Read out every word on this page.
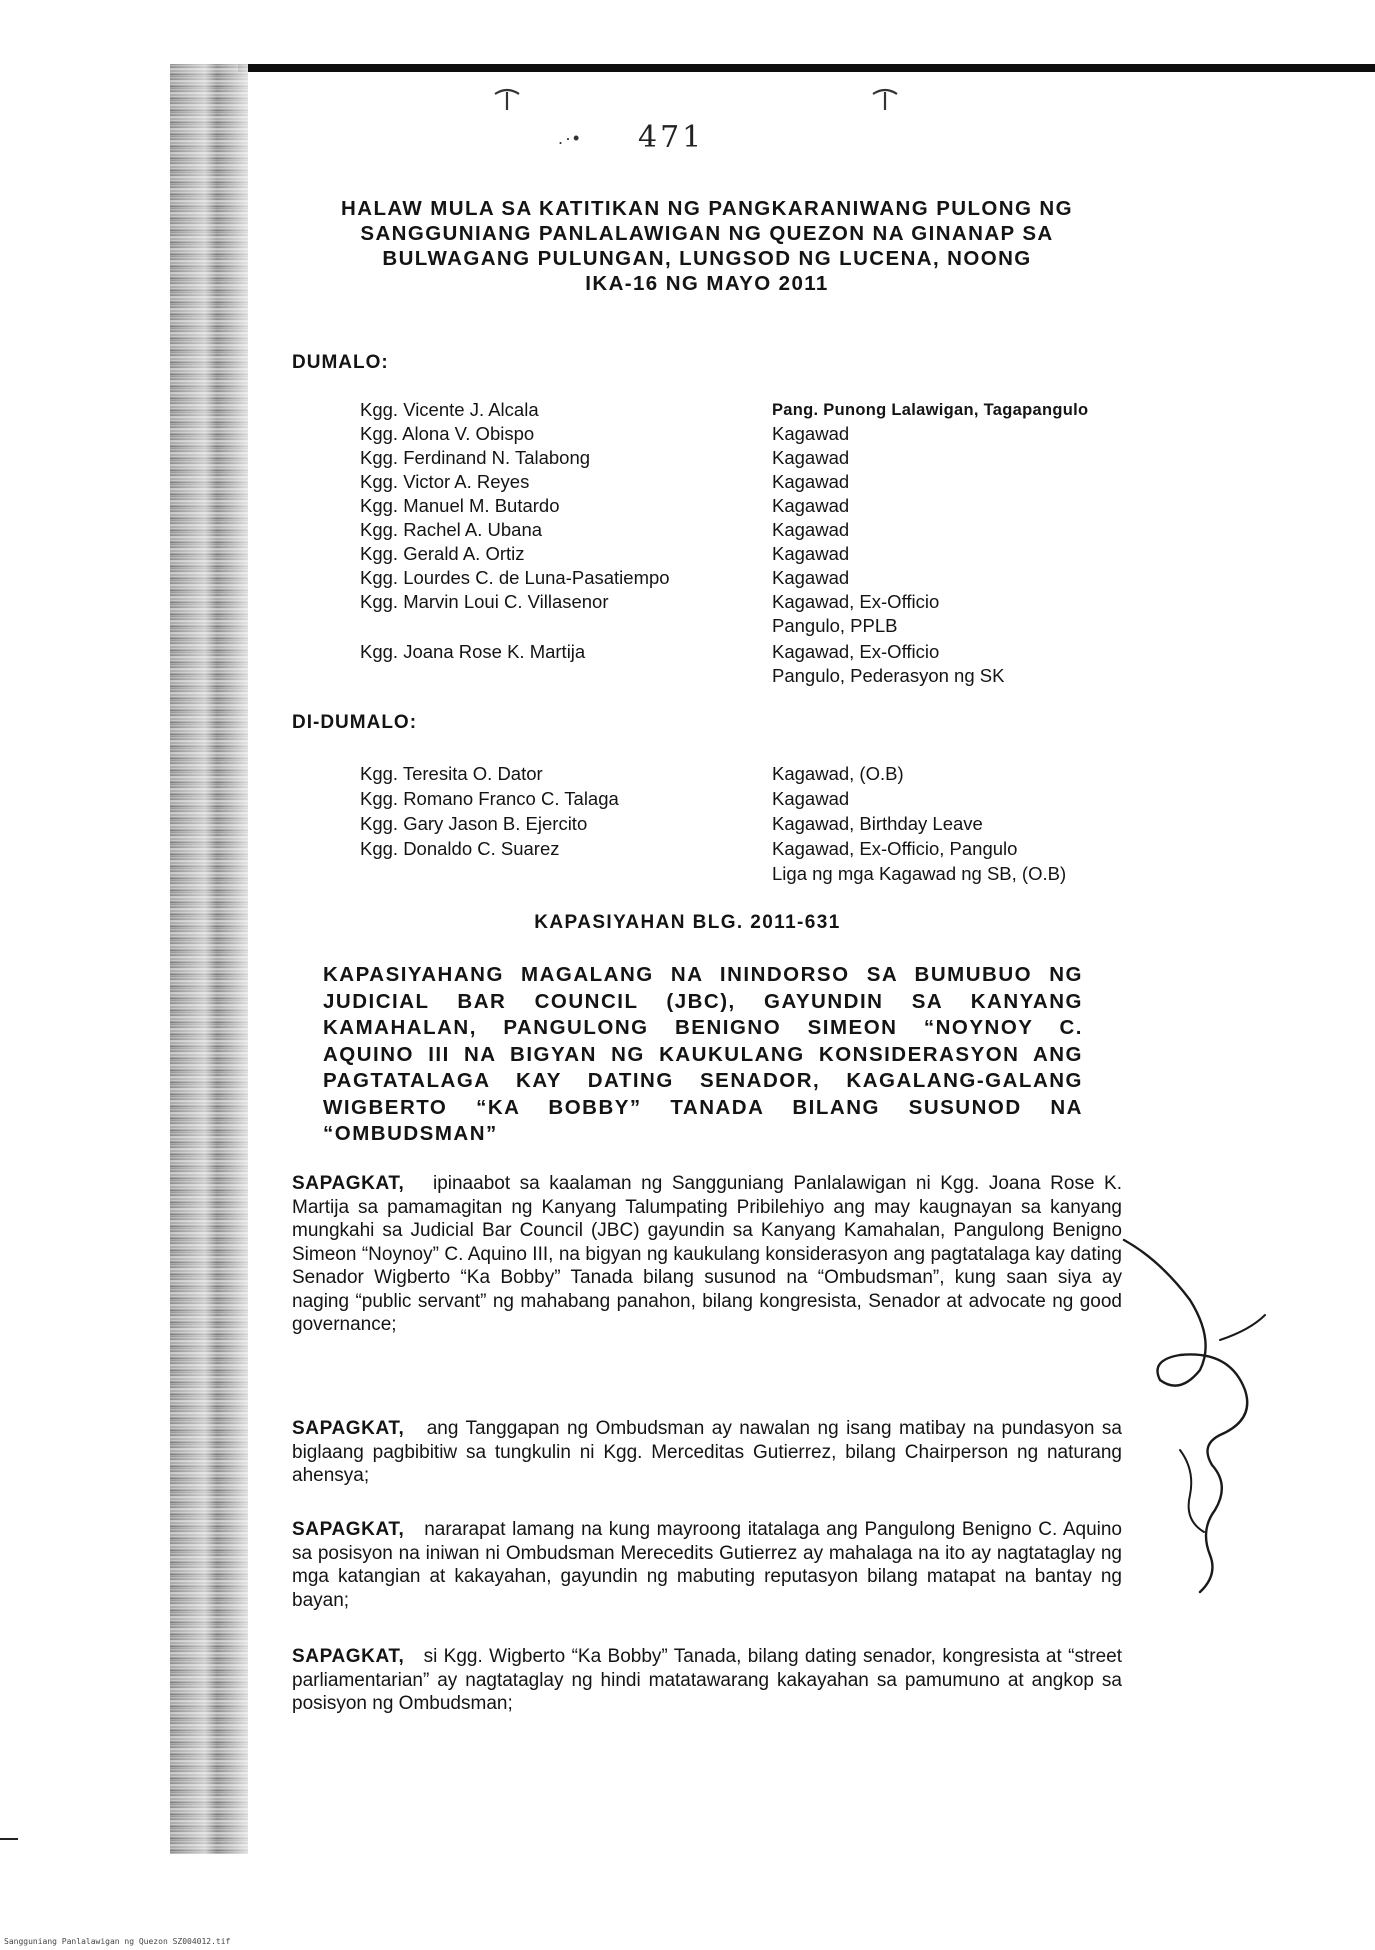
.·• 471
HALAW MULA SA KATITIKAN NG PANGKARANIWANG PULONG NG
SANGGUNIANG PANLALAWIGAN NG QUEZON NA GINANAP SA
BULWAGANG PULUNGAN, LUNGSOD NG LUCENA, NOONG
IKA-16 NG MAYO 2011
DUMALO:
Kgg. Vicente J. Alcala	Pang. Punong Lalawigan, Tagapangulo
Kgg. Alona V. Obispo	Kagawad
Kgg. Ferdinand N. Talabong	Kagawad
Kgg. Victor A. Reyes	Kagawad
Kgg. Manuel M. Butardo	Kagawad
Kgg. Rachel A. Ubana	Kagawad
Kgg. Gerald A. Ortiz	Kagawad
Kgg. Lourdes C. de Luna-Pasatiempo	Kagawad
Kgg. Marvin Loui C. Villasenor	Kagawad, Ex-Officio
Pangulo, PPLB
Kgg. Joana Rose K. Martija	Kagawad, Ex-Officio
Pangulo, Pederasyon ng SK
DI-DUMALO:
Kgg. Teresita O. Dator	Kagawad, (O.B)
Kgg. Romano Franco C. Talaga	Kagawad
Kgg. Gary Jason B. Ejercito	Kagawad, Birthday Leave
Kgg. Donaldo C. Suarez	Kagawad, Ex-Officio, Pangulo
Liga ng mga Kagawad ng SB, (O.B)
KAPASIYAHAN BLG. 2011-631
KAPASIYAHANG MAGALANG NA ININDORSO SA BUMUBUO NG JUDICIAL BAR COUNCIL (JBC), GAYUNDIN SA KANYANG KAMAHALAN, PANGULONG BENIGNO SIMEON “NOYNOY C. AQUINO III NA BIGYAN NG KAUKULANG KONSIDERASYON ANG PAGTATALAGA KAY DATING SENADOR, KAGALANG-GALANG WIGBERTO “KA BOBBY” TANADA BILANG SUSUNOD NA “OMBUDSMAN”
SAPAGKAT, ipinaabot sa kaalaman ng Sangguniang Panlalawigan ni Kgg. Joana Rose K. Martija sa pamamagitan ng Kanyang Talumpating Pribilehiyo ang may kaugnayan sa kanyang mungkahi sa Judicial Bar Council (JBC) gayundin sa Kanyang Kamahalan, Pangulong Benigno Simeon “Noynoy” C. Aquino III, na bigyan ng kaukulang konsiderasyon ang pagtatalaga kay dating Senador Wigberto “Ka Bobby” Tanada bilang susunod na “Ombudsman”, kung saan siya ay naging “public servant” ng mahabang panahon, bilang kongresista, Senador at advocate ng good governance;
SAPAGKAT, ang Tanggapan ng Ombudsman ay nawalan ng isang matibay na pundasyon sa biglaang pagbibitiw sa tungkulin ni Kgg. Merceditas Gutierrez, bilang Chairperson ng naturang ahensya;
SAPAGKAT, nararapat lamang na kung mayroong itatalaga ang Pangulong Benigno C. Aquino sa posisyon na iniwan ni Ombudsman Merecedits Gutierrez ay mahalaga na ito ay nagtataglay ng mga katangian at kakayahan, gayundin ng mabuting reputasyon bilang matapat na bantay ng bayan;
SAPAGKAT, si Kgg. Wigberto “Ka Bobby” Tanada, bilang dating senador, kongresista at “street parliamentarian” ay nagtataglay ng hindi matatawarang kakayahan sa pamumuno at angkop sa posisyon ng Ombudsman;
Sangguniang Panlalawigan ng Quezon SZ004012.tif
